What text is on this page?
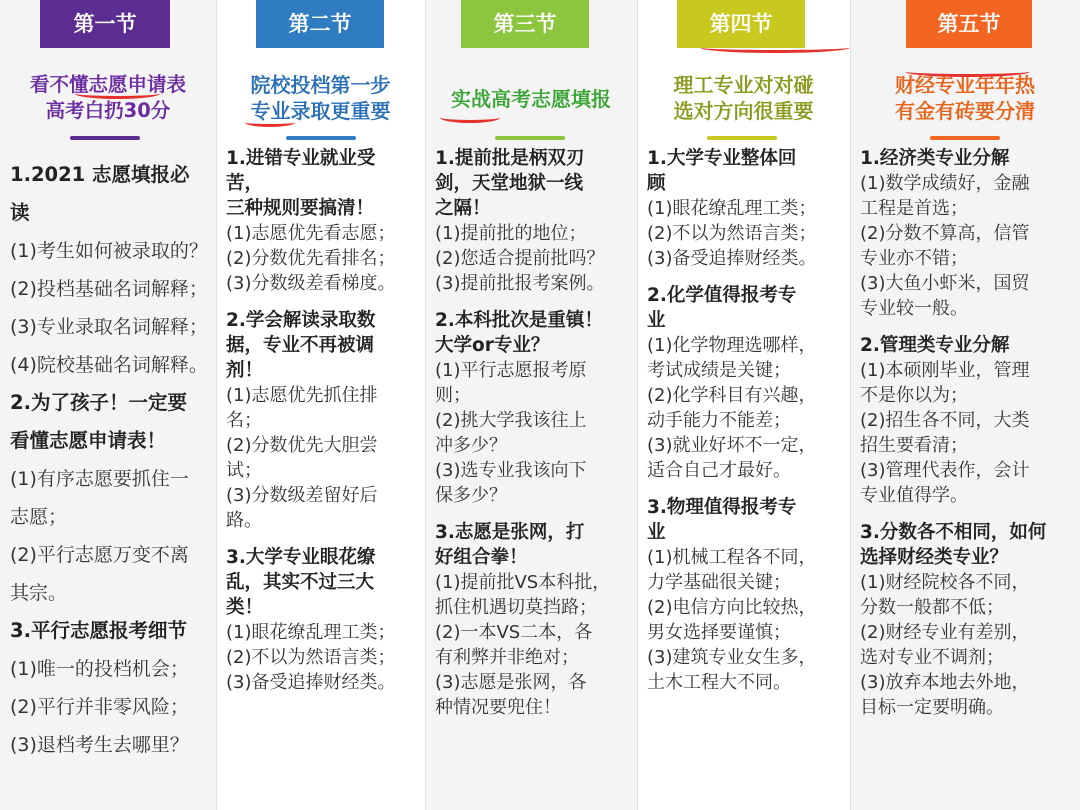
第一节
看不懂志愿申请表
高考白扔30分
1.2021 志愿填报必
读
(1)考生如何被录取的？
(2)投档基础名词解释；
(3)专业录取名词解释；
(4)院校基础名词解释。
2.为了孩子！一定要
看懂志愿申请表！
(1)有序志愿要抓住一
志愿；
(2)平行志愿万变不离
其宗。
3.平行志愿报考细节
(1)唯一的投档机会；
(2)平行并非零风险；
(3)退档考生去哪里？
第二节
院校投档第一步
专业录取更重要
1.进错专业就业受
苦，
三种规则要搞清！
(1)志愿优先看志愿；
(2)分数优先看排名；
(3)分数级差看梯度。
2.学会解读录取数
据，专业不再被调
剂！
(1)志愿优先抓住排
名；
(2)分数优先大胆尝
试；
(3)分数级差留好后
路。
3.大学专业眼花缭
乱，其实不过三大
类！
(1)眼花缭乱理工类；
(2)不以为然语言类；
(3)备受追捧财经类。
第三节
实战高考志愿填报
1.提前批是柄双刃
剑，天堂地狱一线
之隔！
(1)提前批的地位；
(2)您适合提前批吗？
(3)提前批报考案例。
2.本科批次是重镇！
大学or专业？
(1)平行志愿报考原
则；
(2)挑大学我该往上
冲多少？
(3)选专业我该向下
保多少？
3.志愿是张网，打
好组合拳！
(1)提前批VS本科批，
抓住机遇切莫挡路；
(2)一本VS二本，各
有利弊并非绝对；
(3)志愿是张网，各
种情况要兜住！
第四节
理工专业对对碰
选对方向很重要
1.大学专业整体回
顾
(1)眼花缭乱理工类；
(2)不以为然语言类；
(3)备受追捧财经类。
2.化学值得报考专
业
(1)化学物理选哪样，
考试成绩是关键；
(2)化学科目有兴趣，
动手能力不能差；
(3)就业好坏不一定，
适合自己才最好。
3.物理值得报考专
业
(1)机械工程各不同，
力学基础很关键；
(2)电信方向比较热，
男女选择要谨慎；
(3)建筑专业女生多，
土木工程大不同。
第五节
财经专业年年热
有金有砖要分清
1.经济类专业分解
(1)数学成绩好，金融
工程是首选；
(2)分数不算高，信管
专业亦不错；
(3)大鱼小虾米，国贸
专业较一般。
2.管理类专业分解
(1)本硕刚毕业，管理
不是你以为；
(2)招生各不同，大类
招生要看清；
(3)管理代表作，会计
专业值得学。
3.分数各不相同，如何
选择财经类专业？
(1)财经院校各不同，
分数一般都不低；
(2)财经专业有差别，
选对专业不调剂；
(3)放弃本地去外地，
目标一定要明确。
